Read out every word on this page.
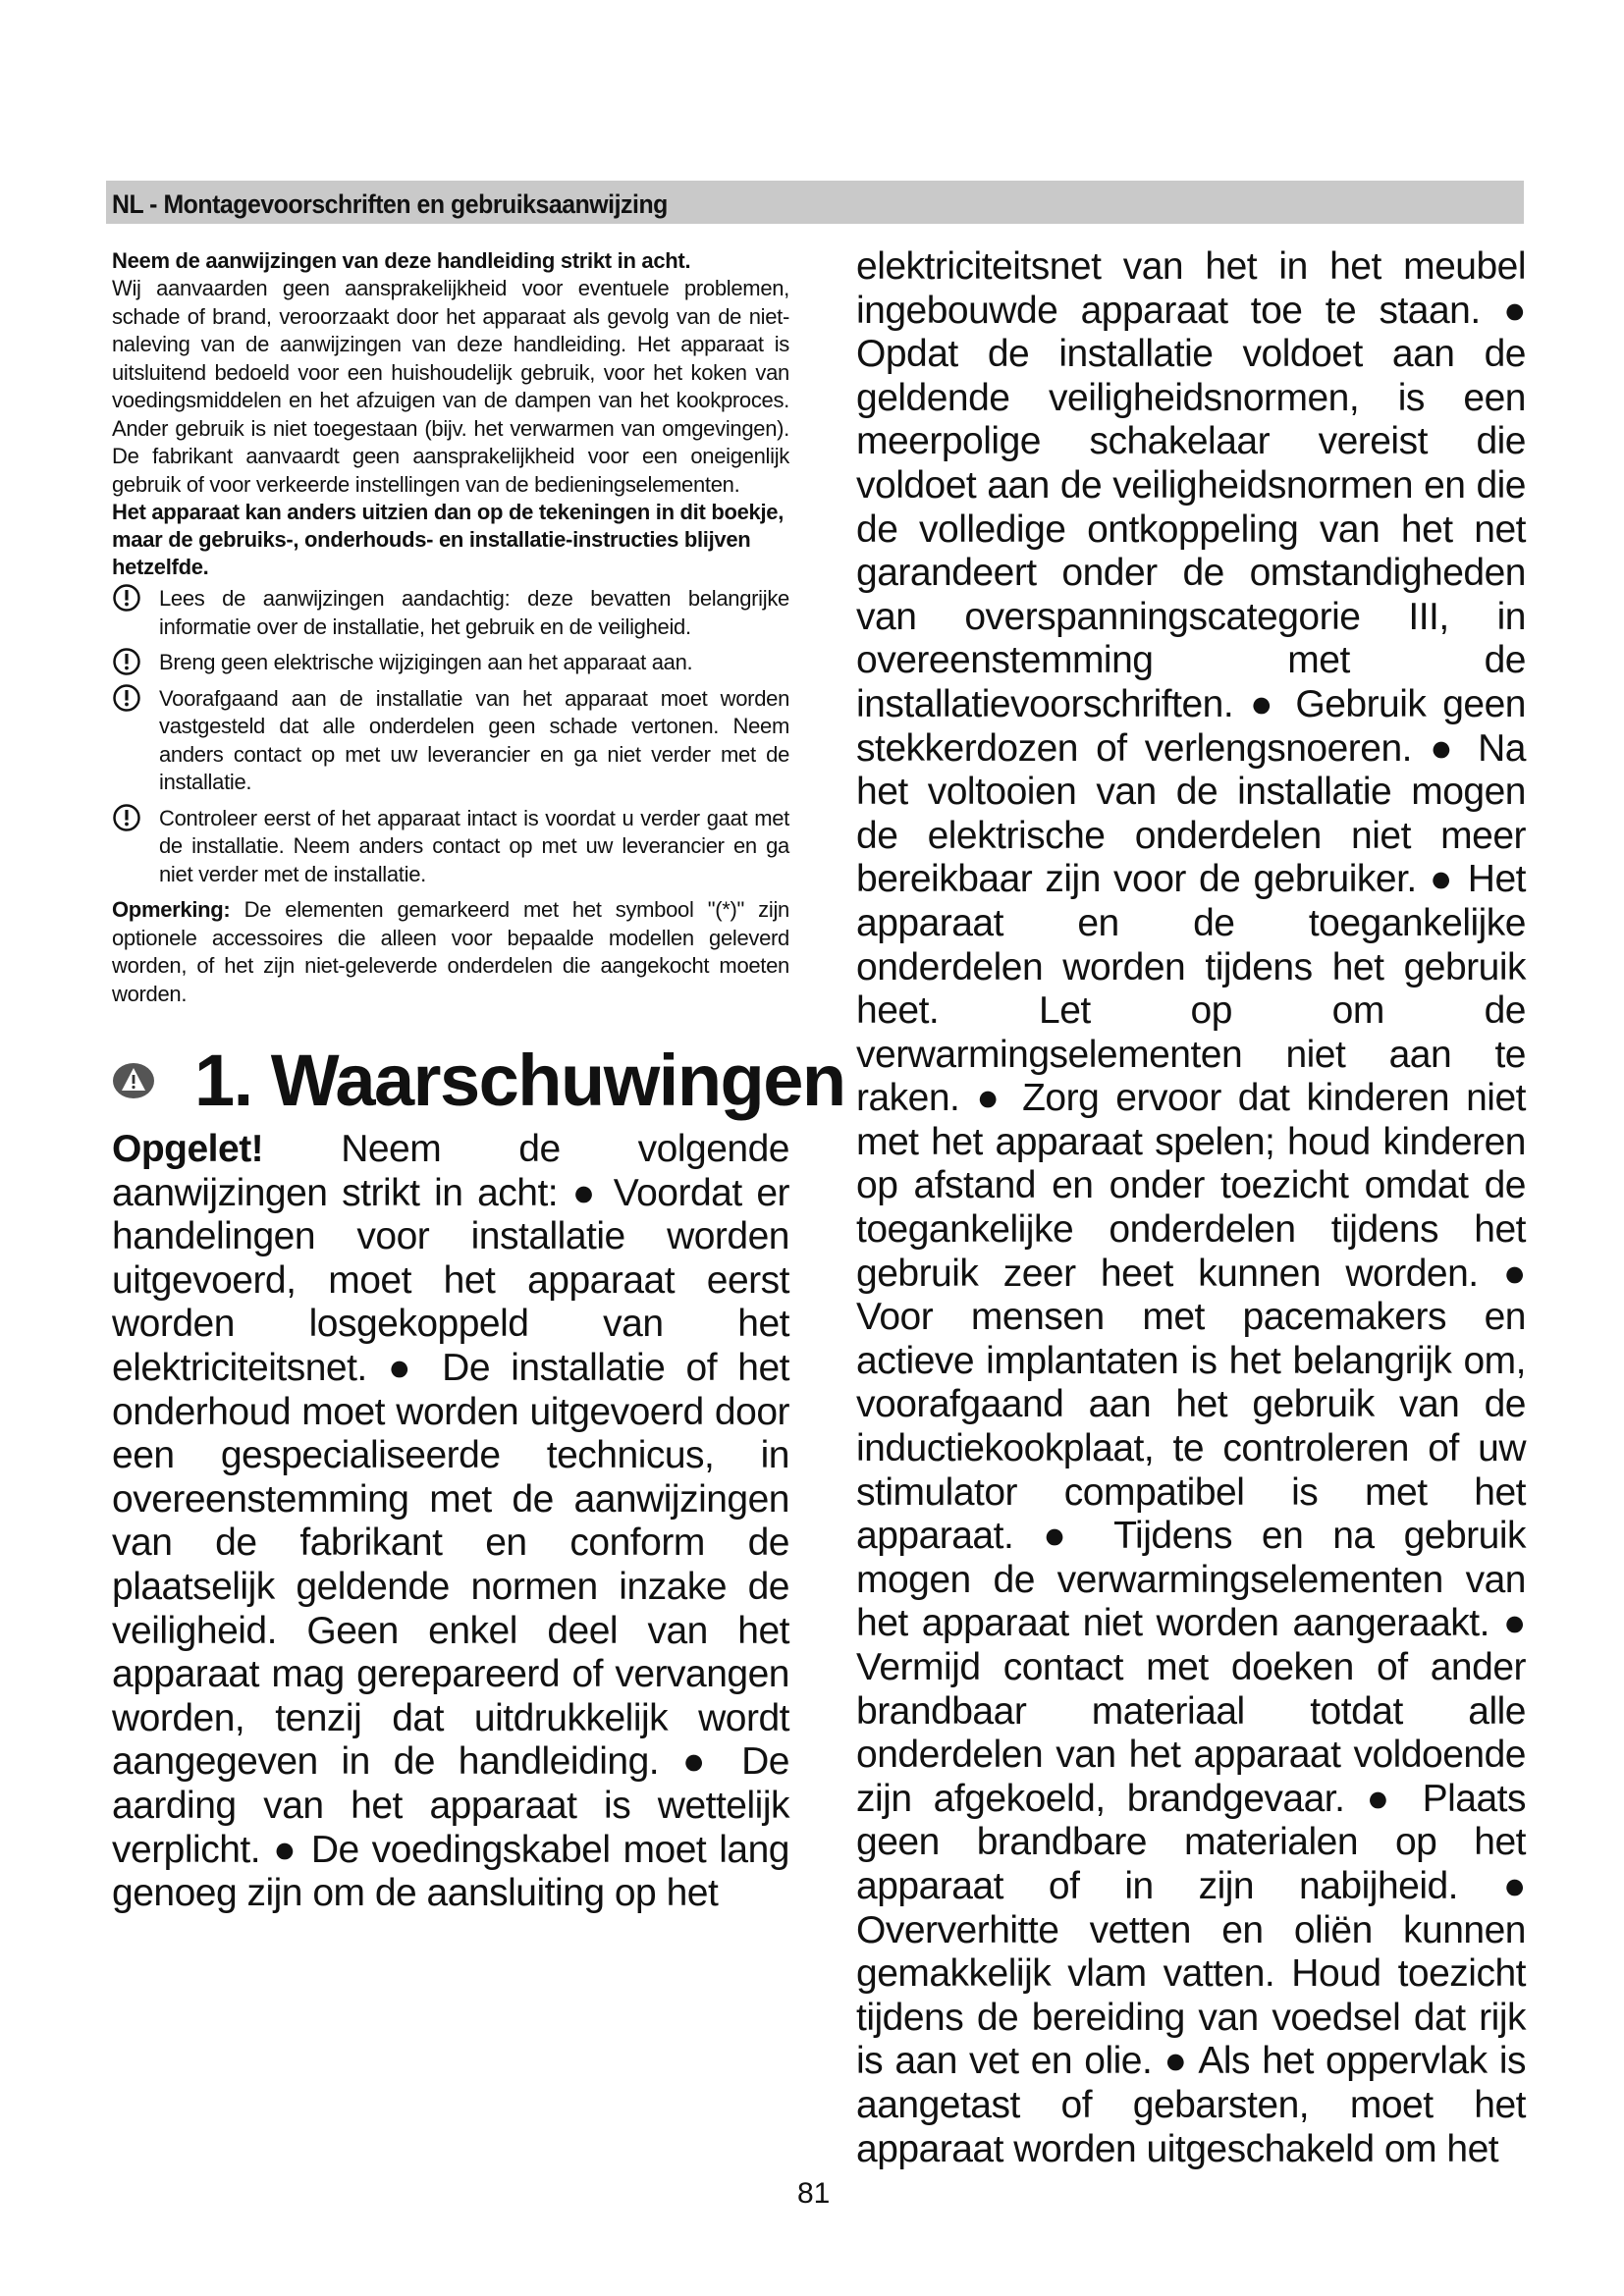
NL - Montagevoorschriften en gebruiksaanwijzing

Neem de aanwijzingen van deze handleiding strikt in acht.

Wij aanvaarden geen aansprakelijkheid voor eventuele problemen, schade of brand, veroorzaakt door het apparaat als gevolg van de niet-naleving van de aanwijzingen van deze handleiding. Het apparaat is uitsluitend bedoeld voor een huishoudelijk gebruik, voor het koken van voedingsmiddelen en het afzuigen van de dampen van het kookproces. Ander gebruik is niet toegestaan (bijv. het verwarmen van omgevingen). De fabrikant aanvaardt geen aansprakelijkheid voor een oneigenlijk gebruik of voor verkeerde instellingen van de bedieningselementen.

Het apparaat kan anders uitzien dan op de tekeningen in dit boekje, maar de gebruiks-, onderhouds- en installatie-instructies blijven hetzelfde.

Lees de aanwijzingen aandachtig: deze bevatten belangrijke informatie over de installatie, het gebruik en de veiligheid.

Breng geen elektrische wijzigingen aan het apparaat aan.

Voorafgaand aan de installatie van het apparaat moet worden vastgesteld dat alle onderdelen geen schade vertonen. Neem anders contact op met uw leverancier en ga niet verder met de installatie.

Controleer eerst of het apparaat intact is voordat u verder gaat met de installatie. Neem anders contact op met uw leverancier en ga niet verder met de installatie.

Opmerking: De elementen gemarkeerd met het symbool "(*)" zijn optionele accessoires die alleen voor bepaalde modellen geleverd worden, of het zijn niet-geleverde onderdelen die aangekocht moeten worden.

1. Waarschuwingen

Opgelet! Neem de volgende aanwijzingen strikt in acht: ● Voordat er handelingen voor installatie worden uitgevoerd, moet het apparaat eerst worden losgekoppeld van het elektriciteitsnet. ● De installatie of het onderhoud moet worden uitgevoerd door een gespecialiseerde technicus, in overeenstemming met de aanwijzingen van de fabrikant en conform de plaatselijk geldende normen inzake de veiligheid. Geen enkel deel van het apparaat mag gerepareerd of vervangen worden, tenzij dat uitdrukkelijk wordt aangegeven in de handleiding. ● De aarding van het apparaat is wettelijk verplicht. ● De voedingskabel moet lang genoeg zijn om de aansluiting op het

elektriciteitsnet van het in het meubel ingebouwde apparaat toe te staan. ● Opdat de installatie voldoet aan de geldende veiligheidsnormen, is een meerpolige schakelaar vereist die voldoet aan de veiligheidsnormen en die de volledige ontkoppeling van het net garandeert onder de omstandigheden van overspanningscategorie III, in overeenstemming met de installatievoorschriften. ● Gebruik geen stekkerdozen of verlengsnoeren. ● Na het voltooien van de installatie mogen de elektrische onderdelen niet meer bereikbaar zijn voor de gebruiker. ● Het apparaat en de toegankelijke onderdelen worden tijdens het gebruik heet. Let op om de verwarmingselementen niet aan te raken. ● Zorg ervoor dat kinderen niet met het apparaat spelen; houd kinderen op afstand en onder toezicht omdat de toegankelijke onderdelen tijdens het gebruik zeer heet kunnen worden. ● Voor mensen met pacemakers en actieve implantaten is het belangrijk om, voorafgaand aan het gebruik van de inductiekookplaat, te controleren of uw stimulator compatibel is met het apparaat. ● Tijdens en na gebruik mogen de verwarmingselementen van het apparaat niet worden aangeraakt. ● Vermijd contact met doeken of ander brandbaar materiaal totdat alle onderdelen van het apparaat voldoende zijn afgekoeld, brandgevaar. ● Plaats geen brandbare materialen op het apparaat of in zijn nabijheid. ● Oververhitte vetten en oliën kunnen gemakkelijk vlam vatten. Houd toezicht tijdens de bereiding van voedsel dat rijk is aan vet en olie. ● Als het oppervlak is aangetast of gebarsten, moet het apparaat worden uitgeschakeld om het

81
